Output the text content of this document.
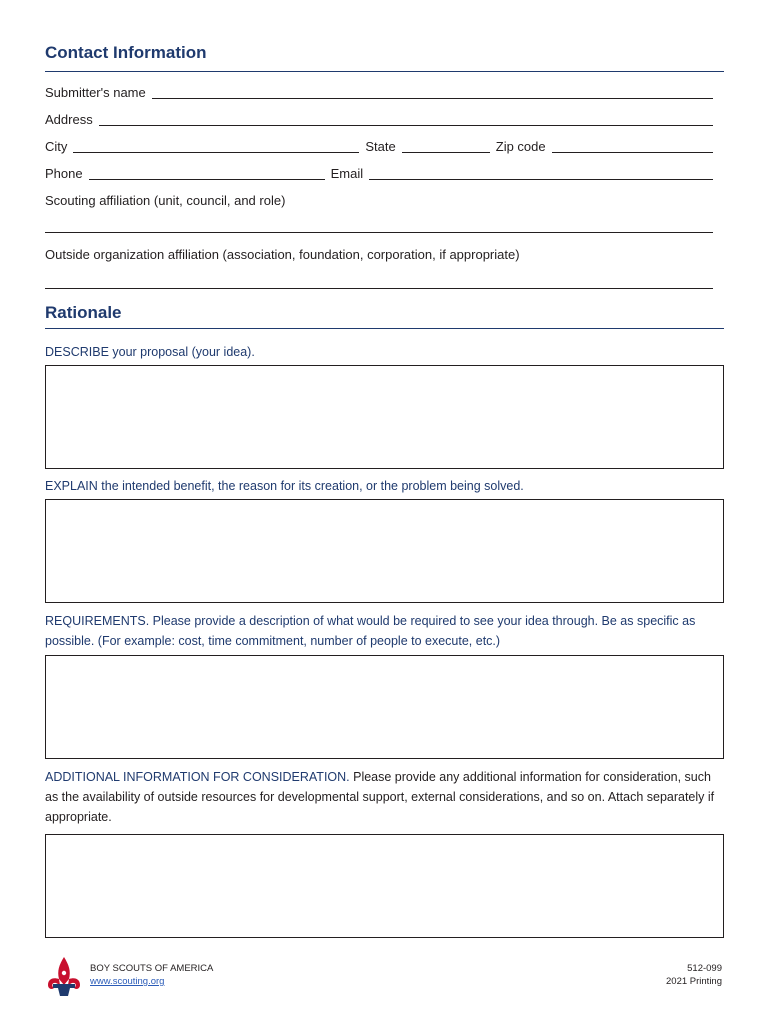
Contact Information
Submitter's name
Address
City	State	Zip code
Phone	Email
Scouting affiliation (unit, council, and role)
Outside organization affiliation (association, foundation, corporation, if appropriate)
Rationale
DESCRIBE your proposal (your idea).
EXPLAIN the intended benefit, the reason for its creation, or the problem being solved.
REQUIREMENTS. Please provide a description of what would be required to see your idea through. Be as specific as possible. (For example: cost, time commitment, number of people to execute, etc.)
ADDITIONAL INFORMATION FOR CONSIDERATION. Please provide any additional information for consideration, such as the availability of outside resources for developmental support, external considerations, and so on. Attach separately if appropriate.
BOY SCOUTS OF AMERICA
www.scouting.org
512-099
2021 Printing
